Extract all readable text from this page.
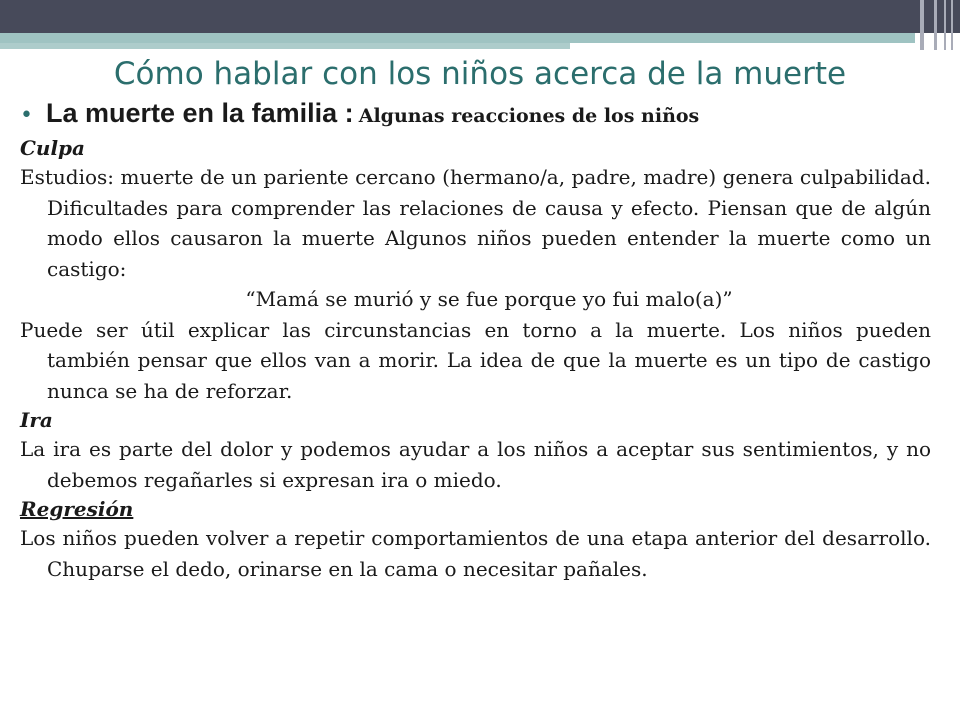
Cómo hablar con los niños acerca de la muerte
• La muerte en la familia : Algunas reacciones de los niños

Culpa

Estudios: muerte de un pariente cercano (hermano/a, padre, madre) genera culpabilidad. Dificultades para comprender las relaciones de causa y efecto. Piensan que de algún modo ellos causaron la muerte Algunos niños pueden entender la muerte como un castigo:

“Mamá se murió y se fue porque yo fui malo(a)”

Puede ser útil explicar las circunstancias en torno a la muerte. Los niños pueden también pensar que ellos van a morir. La idea de que la muerte es un tipo de castigo nunca se ha de reforzar.

Ira

La ira es parte del dolor y podemos ayudar a los niños a aceptar sus sentimientos, y no debemos regañarles si expresan ira o miedo.

Regresión

Los niños pueden volver a repetir comportamientos de una etapa anterior del desarrollo. Chuparse el dedo, orinarse en la cama o necesitar pañales.
